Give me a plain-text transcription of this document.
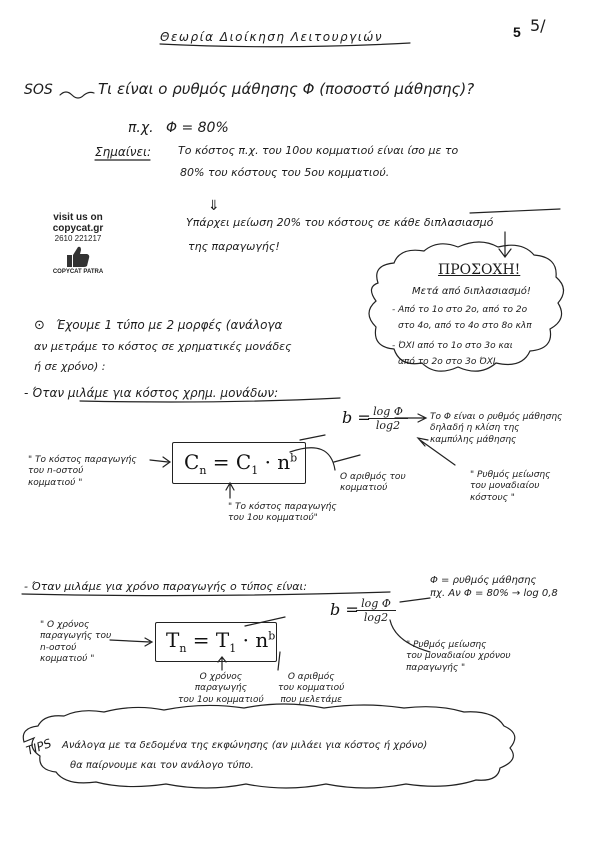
Θεωρία Διοίκηση Λειτουργιών	5 5/
SOS	Τι είναι ο ρυθμός μάθησης Φ (ποσοστό μάθησης)?
π.χ. Φ = 80%
Σημαίνει: Το κόστος π.χ. του 10ου κομματιού είναι ίσο με το
80% του κόστους του 5ου κομματιού.
⇓
Υπάρχει μείωση 20% του κόστους σε κάθε διπλασιασμό
της παραγωγής!
visit us on
copycat.gr
2610 221217
COPYCAT PATRA	ΠΡΟΣΟΧΗ!
Μετά από διπλασιασμό!
- Από το 1ο στο 2ο, από το 2ο
στο 4ο, από το 4ο στο 8ο κλπ
- ΌΧΙ από το 1ο στο 3ο και
από το 2ο στο 3ο ΌΧΙ
⊙ Έχουμε 1 τύπο με 2 μορφές (ανάλογα
αν μετράμε το κόστος σε χρηματικές μονάδες
ή σε χρόνο) :
- Όταν μιλάμε για κόστος χρημ. μονάδων:
$C_n = C_1 \cdot n^b$
b =
$\frac{\text{log Φ}}{\log 2}$
" Το κόστος παραγωγής
του n-οστού
κομματιού "
" Το κόστος παραγωγής
του 1ου κομματιού"
Ο αριθμός του
κομματιού
Το Φ είναι ο ρυθμός μάθησης
δηλαδή η κλίση της
καμπύλης μάθησης
" Ρυθμός μείωσης
του μοναδιαίου
κόστους "
- Όταν μιλάμε για χρόνο παραγωγής ο τύπος είναι:	Φ = ρυθμός μάθησης
πχ. Αν Φ = 80% → log 0,8
$T_n = T_1 \cdot n^b$
b =
$\frac{\text{log Φ}}{\log 2}$
" Ο χρόνος
παραγωγής του
n-οστού
κομματιού "
Ο χρόνος
παραγωγής
του 1ου κομματιού
Ο αριθμός
του κομματιού
που μελετάμε
" Ρυθμός μείωσης
του μοναδιαίου χρόνου
παραγωγής "
TIPS Ανάλογα με τα δεδομένα της εκφώνησης (αν μιλάει για κόστος ή χρόνο)
θα παίρνουμε και τον ανάλογο τύπο.
